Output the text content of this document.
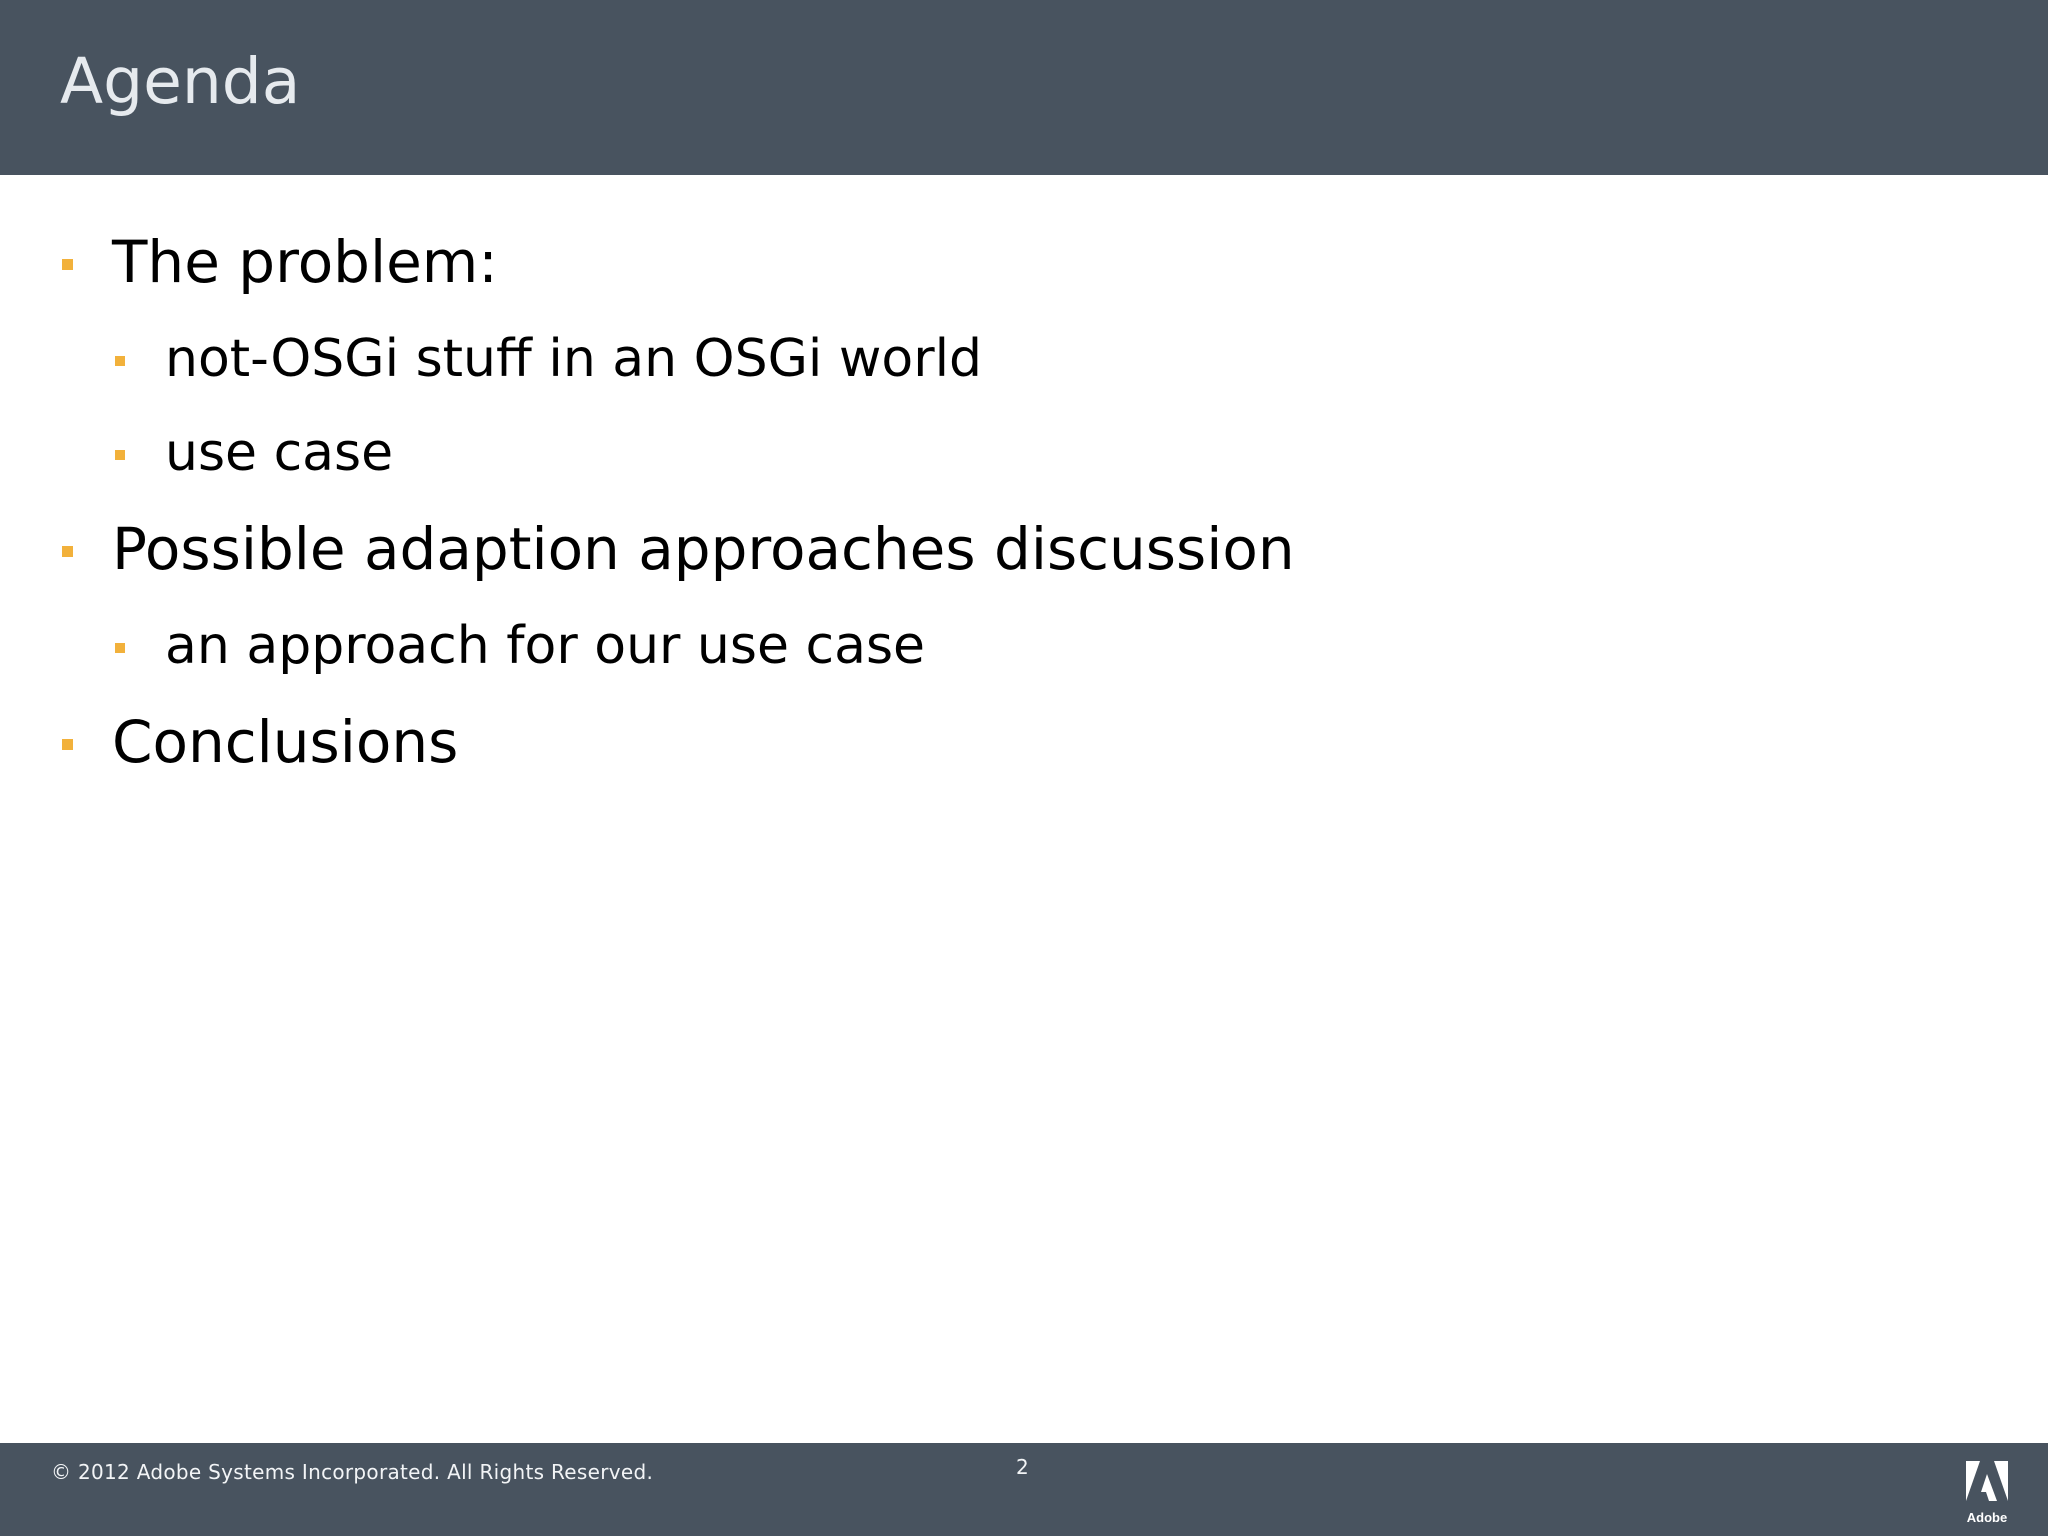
Agenda
The problem:
not-OSGi stuff in an OSGi world
use case
Possible adaption approaches discussion
an approach for our use case
Conclusions
© 2012 Adobe Systems Incorporated. All Rights Reserved.	2
Adobe
